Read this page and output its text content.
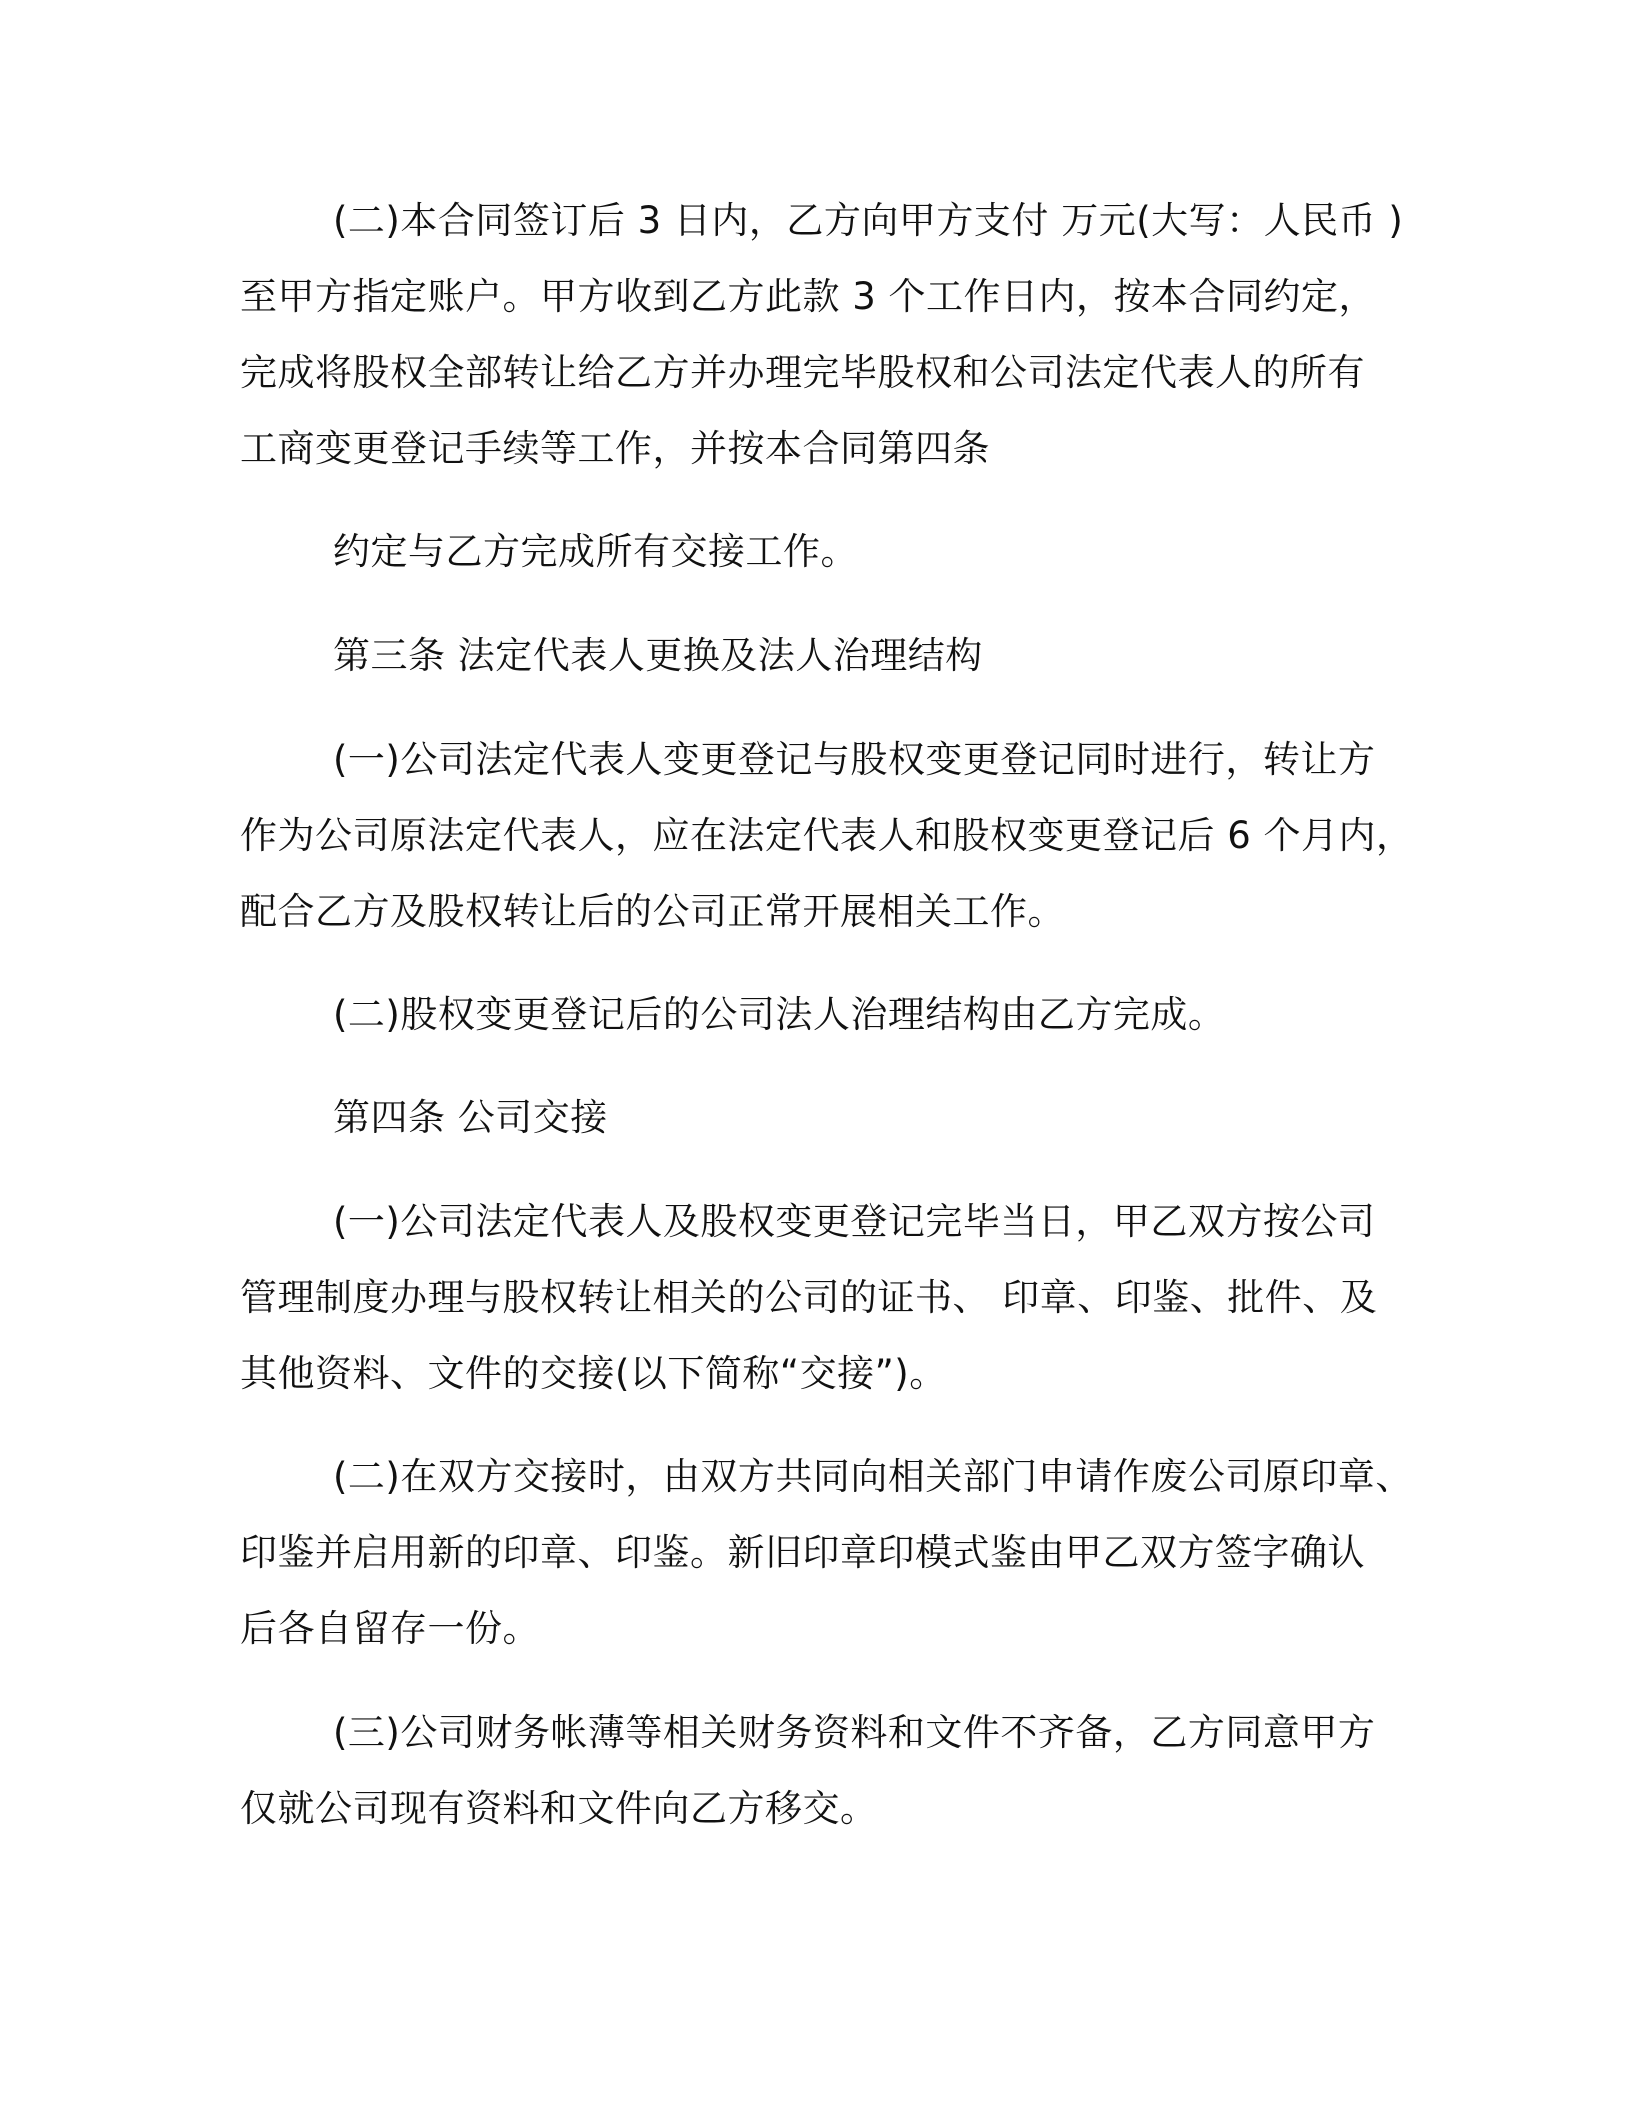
(二)本合同签订后 3 日内，乙方向甲方支付 万元(大写：人民币 )
至甲方指定账户。甲方收到乙方此款 3 个工作日内，按本合同约定，
完成将股权全部转让给乙方并办理完毕股权和公司法定代表人的所有
工商变更登记手续等工作，并按本合同第四条
约定与乙方完成所有交接工作。
第三条 法定代表人更换及法人治理结构
(一)公司法定代表人变更登记与股权变更登记同时进行，转让方
作为公司原法定代表人，应在法定代表人和股权变更登记后 6 个月内，
配合乙方及股权转让后的公司正常开展相关工作。
(二)股权变更登记后的公司法人治理结构由乙方完成。
第四条 公司交接
(一)公司法定代表人及股权变更登记完毕当日，甲乙双方按公司
管理制度办理与股权转让相关的公司的证书、 印章、印鉴、批件、及
其他资料、文件的交接(以下简称“交接”)。
(二)在双方交接时，由双方共同向相关部门申请作废公司原印章、
印鉴并启用新的印章、印鉴。新旧印章印模式鉴由甲乙双方签字确认
后各自留存一份。
(三)公司财务帐薄等相关财务资料和文件不齐备，乙方同意甲方
仅就公司现有资料和文件向乙方移交。
